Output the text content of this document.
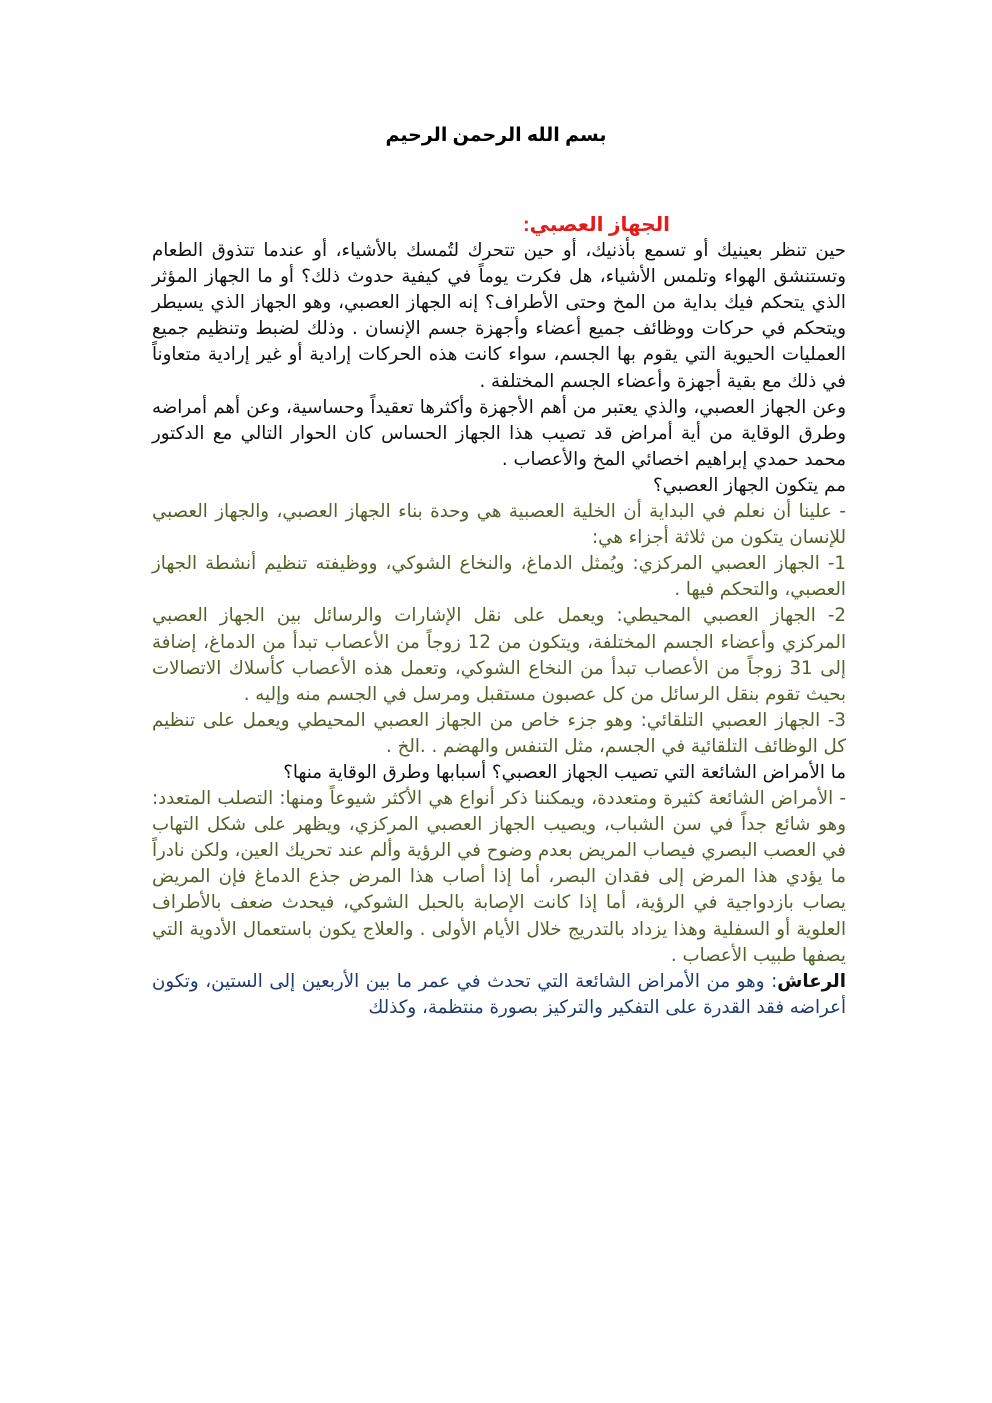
بسم الله الرحمن الرحيم

الجهاز العصبي:

حين تنظر بعينيك أو تسمع بأذنيك، أو حين تتحرك لتُمسك بالأشياء، أو عندما تتذوق الطعام وتستنشق الهواء وتلمس الأشياء، هل فكرت يوماً في كيفية حدوث ذلك؟ أو ما الجهاز المؤثر الذي يتحكم فيك بداية من المخ وحتى الأطراف؟ إنه الجهاز العصبي، وهو الجهاز الذي يسيطر ويتحكم في حركات ووظائف جميع أعضاء وأجهزة جسم الإنسان . وذلك لضبط وتنظيم جميع العمليات الحيوية التي يقوم بها الجسم، سواء كانت هذه الحركات إرادية أو غير إرادية متعاوناً في ذلك مع بقية أجهزة وأعضاء الجسم المختلفة .

وعن الجهاز العصبي، والذي يعتبر من أهم الأجهزة وأكثرها تعقيداً وحساسية، وعن أهم أمراضه وطرق الوقاية من أية أمراض قد تصيب هذا الجهاز الحساس كان الحوار التالي مع الدكتور محمد حمدي إبراهيم اخصائي المخ والأعصاب .

مم يتكون الجهاز العصبي؟

- علينا أن نعلم في البداية أن الخلية العصبية هي وحدة بناء الجهاز العصبي، والجهاز العصبي للإنسان يتكون من ثلاثة أجزاء هي:

1- الجهاز العصبي المركزي: ويُمثل الدماغ، والنخاع الشوكي، ووظيفته تنظيم أنشطة الجهاز العصبي، والتحكم فيها .

2- الجهاز العصبي المحيطي: ويعمل على نقل الإشارات والرسائل بين الجهاز العصبي المركزي وأعضاء الجسم المختلفة، ويتكون من 12 زوجاً من الأعصاب تبدأ من الدماغ، إضافة إلى 31 زوجاً من الأعصاب تبدأ من النخاع الشوكي، وتعمل هذه الأعصاب كأسلاك الاتصالات بحيث تقوم بنقل الرسائل من كل عصبون مستقبل ومرسل في الجسم منه وإليه .

3- الجهاز العصبي التلقائي: وهو جزء خاص من الجهاز العصبي المحيطي ويعمل على تنظيم كل الوظائف التلقائية في الجسم، مثل التنفس والهضم . .الخ .

ما الأمراض الشائعة التي تصيب الجهاز العصبي؟ أسبابها وطرق الوقاية منها؟

- الأمراض الشائعة كثيرة ومتعددة، ويمكننا ذكر أنواع هي الأكثر شيوعاً ومنها: التصلب المتعدد: وهو شائع جداً في سن الشباب، ويصيب الجهاز العصبي المركزي، ويظهر على شكل التهاب في العصب البصري فيصاب المريض بعدم وضوح في الرؤية وألم عند تحريك العين، ولكن نادراً ما يؤدي هذا المرض إلى فقدان البصر، أما إذا أصاب هذا المرض جذع الدماغ فإن المريض يصاب بازدواجية في الرؤية، أما إذا كانت الإصابة بالحبل الشوكي، فيحدث ضعف بالأطراف العلوية أو السفلية وهذا يزداد بالتدريج خلال الأيام الأولى . والعلاج يكون باستعمال الأدوية التي يصفها طبيب الأعصاب .

الرعاش: وهو من الأمراض الشائعة التي تحدث في عمر ما بين الأربعين إلى الستين، وتكون أعراضه فقد القدرة على التفكير والتركيز بصورة منتظمة، وكذلك
